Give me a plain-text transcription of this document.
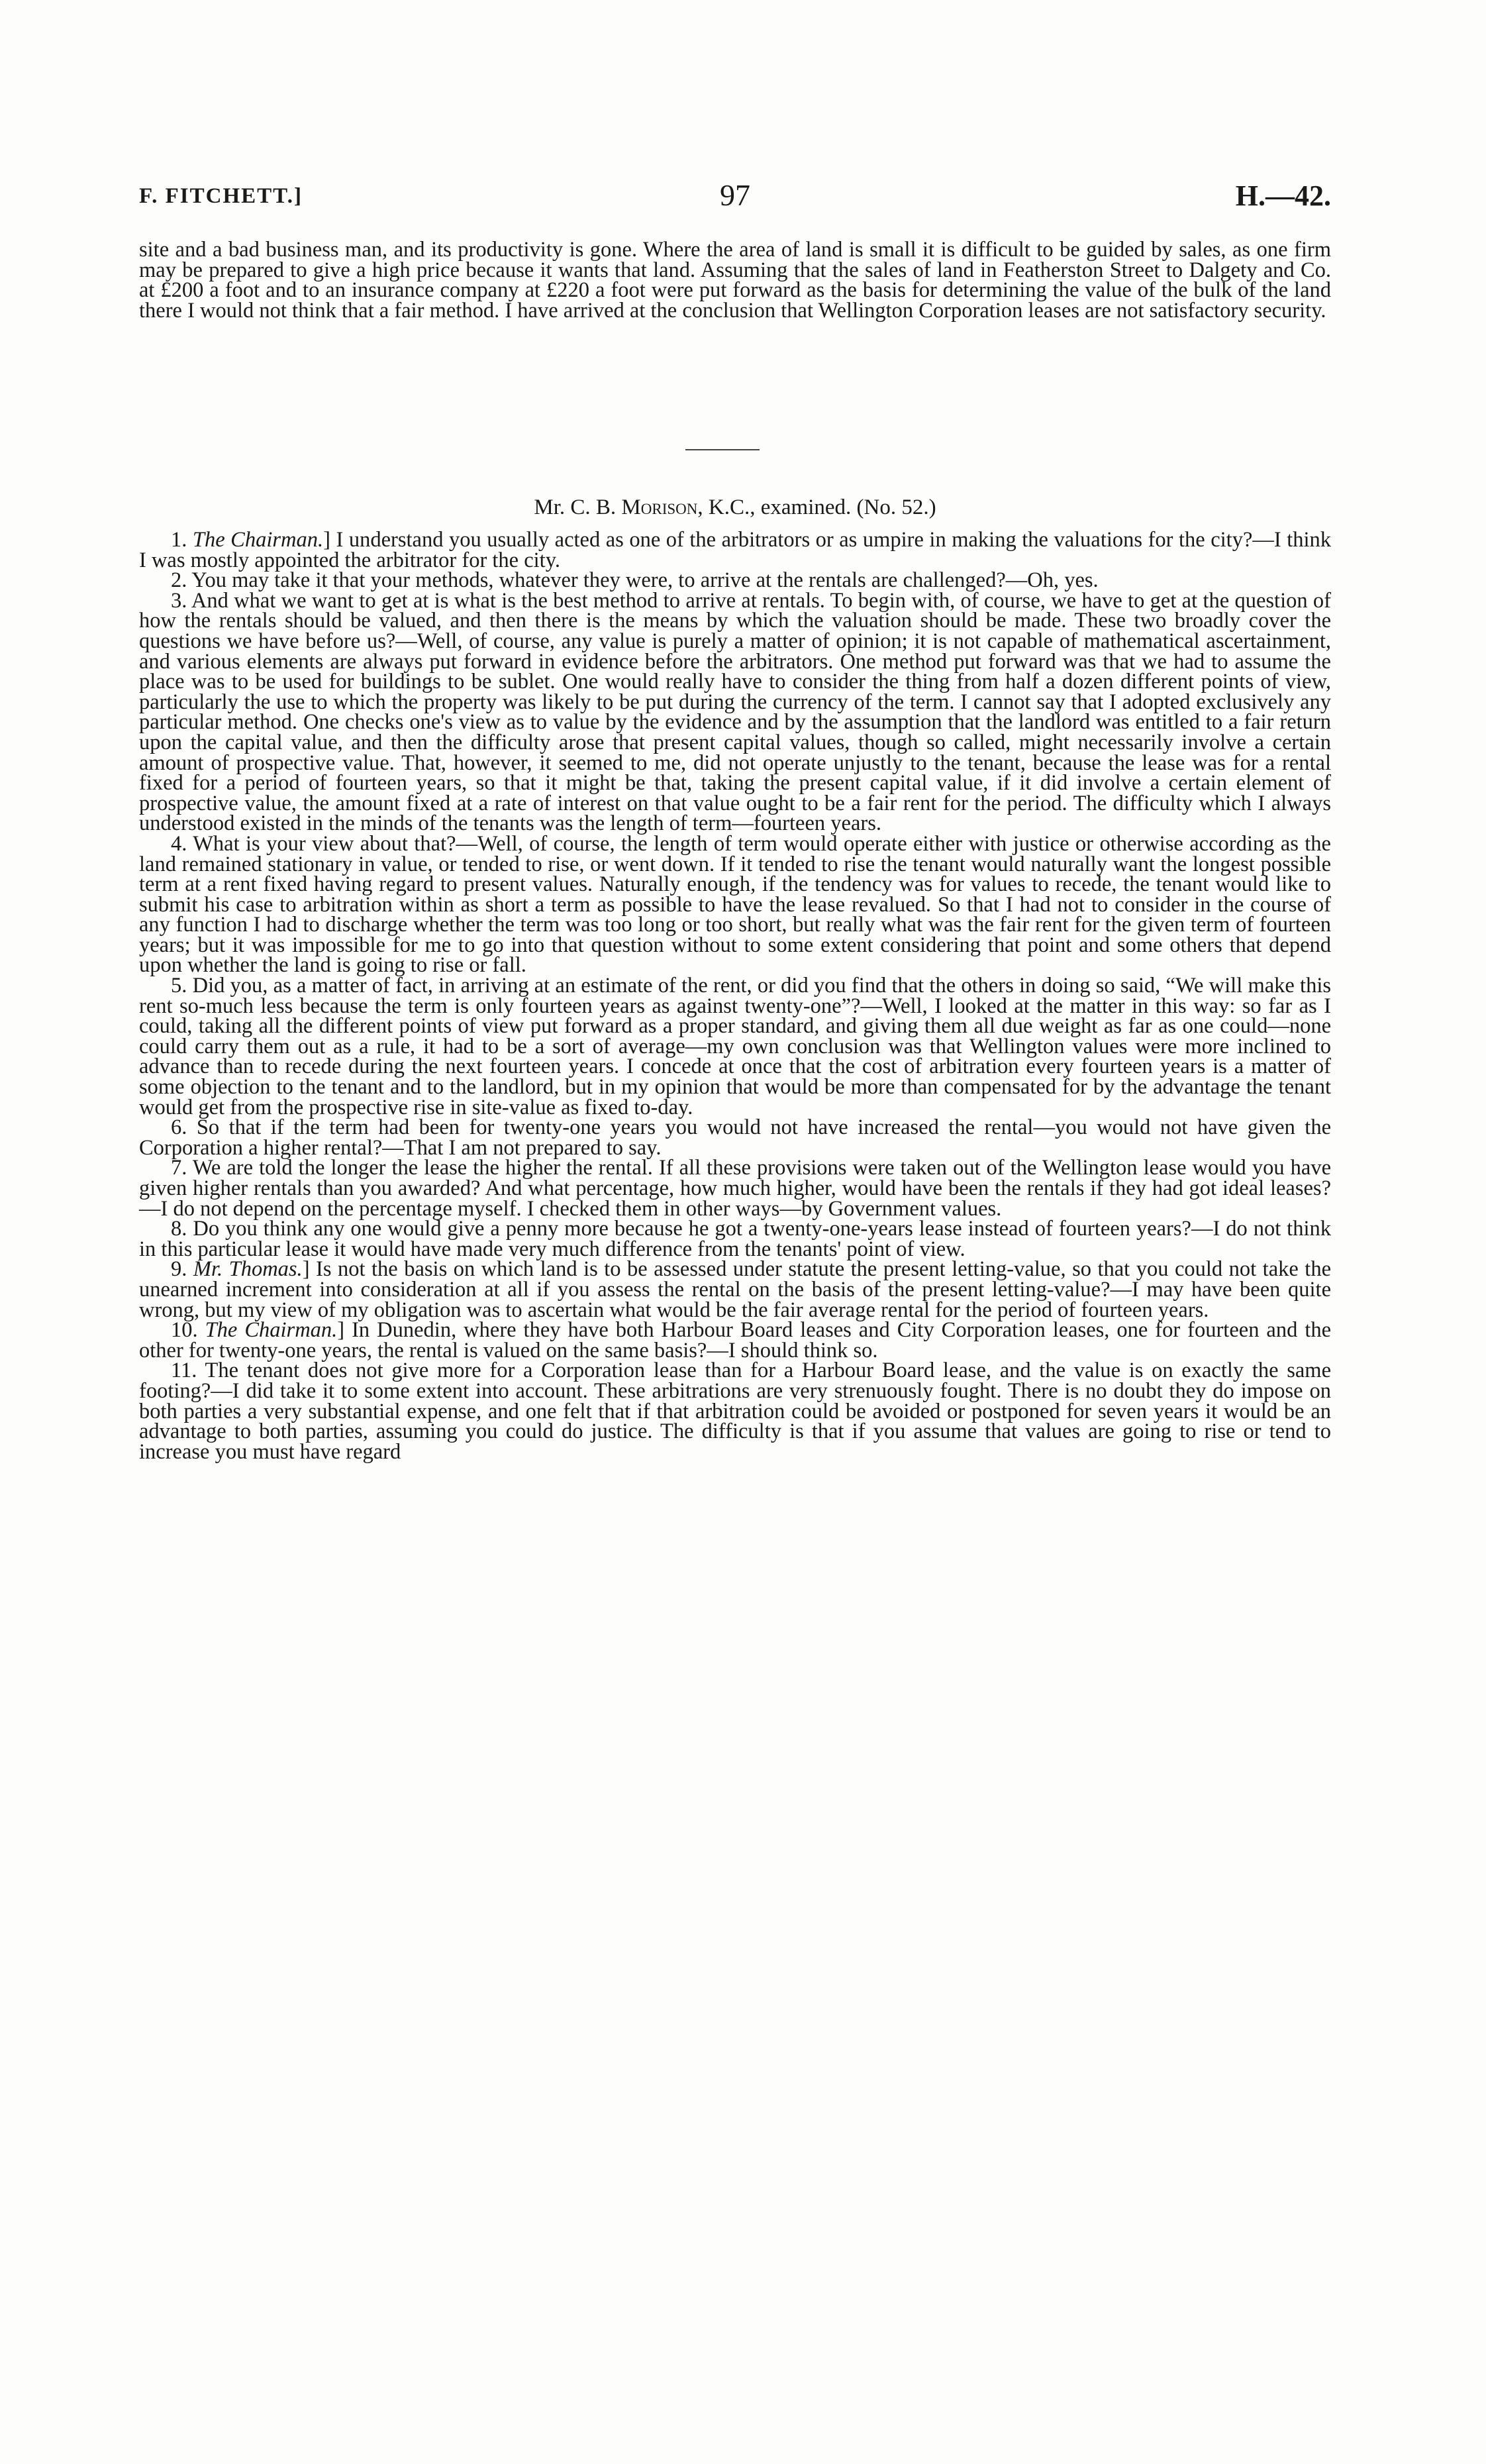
F. FITCHETT.]	97	H.—42.

site and a bad business man, and its productivity is gone. Where the area of land is small it is difficult to be guided by sales, as one firm may be prepared to give a high price because it wants that land. Assuming that the sales of land in Featherston Street to Dalgety and Co. at £200 a foot and to an insurance company at £220 a foot were put forward as the basis for determining the value of the bulk of the land there I would not think that a fair method. I have arrived at the conclusion that Wellington Corporation leases are not satisfactory security.

Mr. C. B. Morison, K.C., examined. (No. 52.)

1. The Chairman.] I understand you usually acted as one of the arbitrators or as umpire in making the valuations for the city?—I think I was mostly appointed the arbitrator for the city.

2. You may take it that your methods, whatever they were, to arrive at the rentals are challenged?—Oh, yes.

3. And what we want to get at is what is the best method to arrive at rentals. To begin with, of course, we have to get at the question of how the rentals should be valued, and then there is the means by which the valuation should be made. These two broadly cover the questions we have before us?—Well, of course, any value is purely a matter of opinion; it is not capable of mathematical ascertainment, and various elements are always put forward in evidence before the arbitrators. One method put forward was that we had to assume the place was to be used for buildings to be sublet. One would really have to consider the thing from half a dozen different points of view, particularly the use to which the property was likely to be put during the currency of the term. I cannot say that I adopted exclusively any particular method. One checks one's view as to value by the evidence and by the assumption that the landlord was entitled to a fair return upon the capital value, and then the difficulty arose that present capital values, though so called, might necessarily involve a certain amount of prospective value. That, however, it seemed to me, did not operate unjustly to the tenant, because the lease was for a rental fixed for a period of fourteen years, so that it might be that, taking the present capital value, if it did involve a certain element of prospective value, the amount fixed at a rate of interest on that value ought to be a fair rent for the period. The difficulty which I always understood existed in the minds of the tenants was the length of term—fourteen years.

4. What is your view about that?—Well, of course, the length of term would operate either with justice or otherwise according as the land remained stationary in value, or tended to rise, or went down. If it tended to rise the tenant would naturally want the longest possible term at a rent fixed having regard to present values. Naturally enough, if the tendency was for values to recede, the tenant would like to submit his case to arbitration within as short a term as possible to have the lease revalued. So that I had not to consider in the course of any function I had to discharge whether the term was too long or too short, but really what was the fair rent for the given term of fourteen years; but it was impossible for me to go into that question without to some extent considering that point and some others that depend upon whether the land is going to rise or fall.

5. Did you, as a matter of fact, in arriving at an estimate of the rent, or did you find that the others in doing so said, “We will make this rent so-much less because the term is only fourteen years as against twenty-one”?—Well, I looked at the matter in this way: so far as I could, taking all the different points of view put forward as a proper standard, and giving them all due weight as far as one could—none could carry them out as a rule, it had to be a sort of average—my own conclusion was that Wellington values were more inclined to advance than to recede during the next fourteen years. I concede at once that the cost of arbitration every fourteen years is a matter of some objection to the tenant and to the landlord, but in my opinion that would be more than compensated for by the advantage the tenant would get from the prospective rise in site-value as fixed to-day.

6. So that if the term had been for twenty-one years you would not have increased the rental—you would not have given the Corporation a higher rental?—That I am not prepared to say.

7. We are told the longer the lease the higher the rental. If all these provisions were taken out of the Wellington lease would you have given higher rentals than you awarded? And what percentage, how much higher, would have been the rentals if they had got ideal leases?—I do not depend on the percentage myself. I checked them in other ways—by Government values.

8. Do you think any one would give a penny more because he got a twenty-one-years lease instead of fourteen years?—I do not think in this particular lease it would have made very much difference from the tenants' point of view.

9. Mr. Thomas.] Is not the basis on which land is to be assessed under statute the present letting-value, so that you could not take the unearned increment into consideration at all if you assess the rental on the basis of the present letting-value?—I may have been quite wrong, but my view of my obligation was to ascertain what would be the fair average rental for the period of fourteen years.

10. The Chairman.] In Dunedin, where they have both Harbour Board leases and City Corporation leases, one for fourteen and the other for twenty-one years, the rental is valued on the same basis?—I should think so.

11. The tenant does not give more for a Corporation lease than for a Harbour Board lease, and the value is on exactly the same footing?—I did take it to some extent into account. These arbitrations are very strenuously fought. There is no doubt they do impose on both parties a very substantial expense, and one felt that if that arbitration could be avoided or postponed for seven years it would be an advantage to both parties, assuming you could do justice. The difficulty is that if you assume that values are going to rise or tend to increase you must have regard
